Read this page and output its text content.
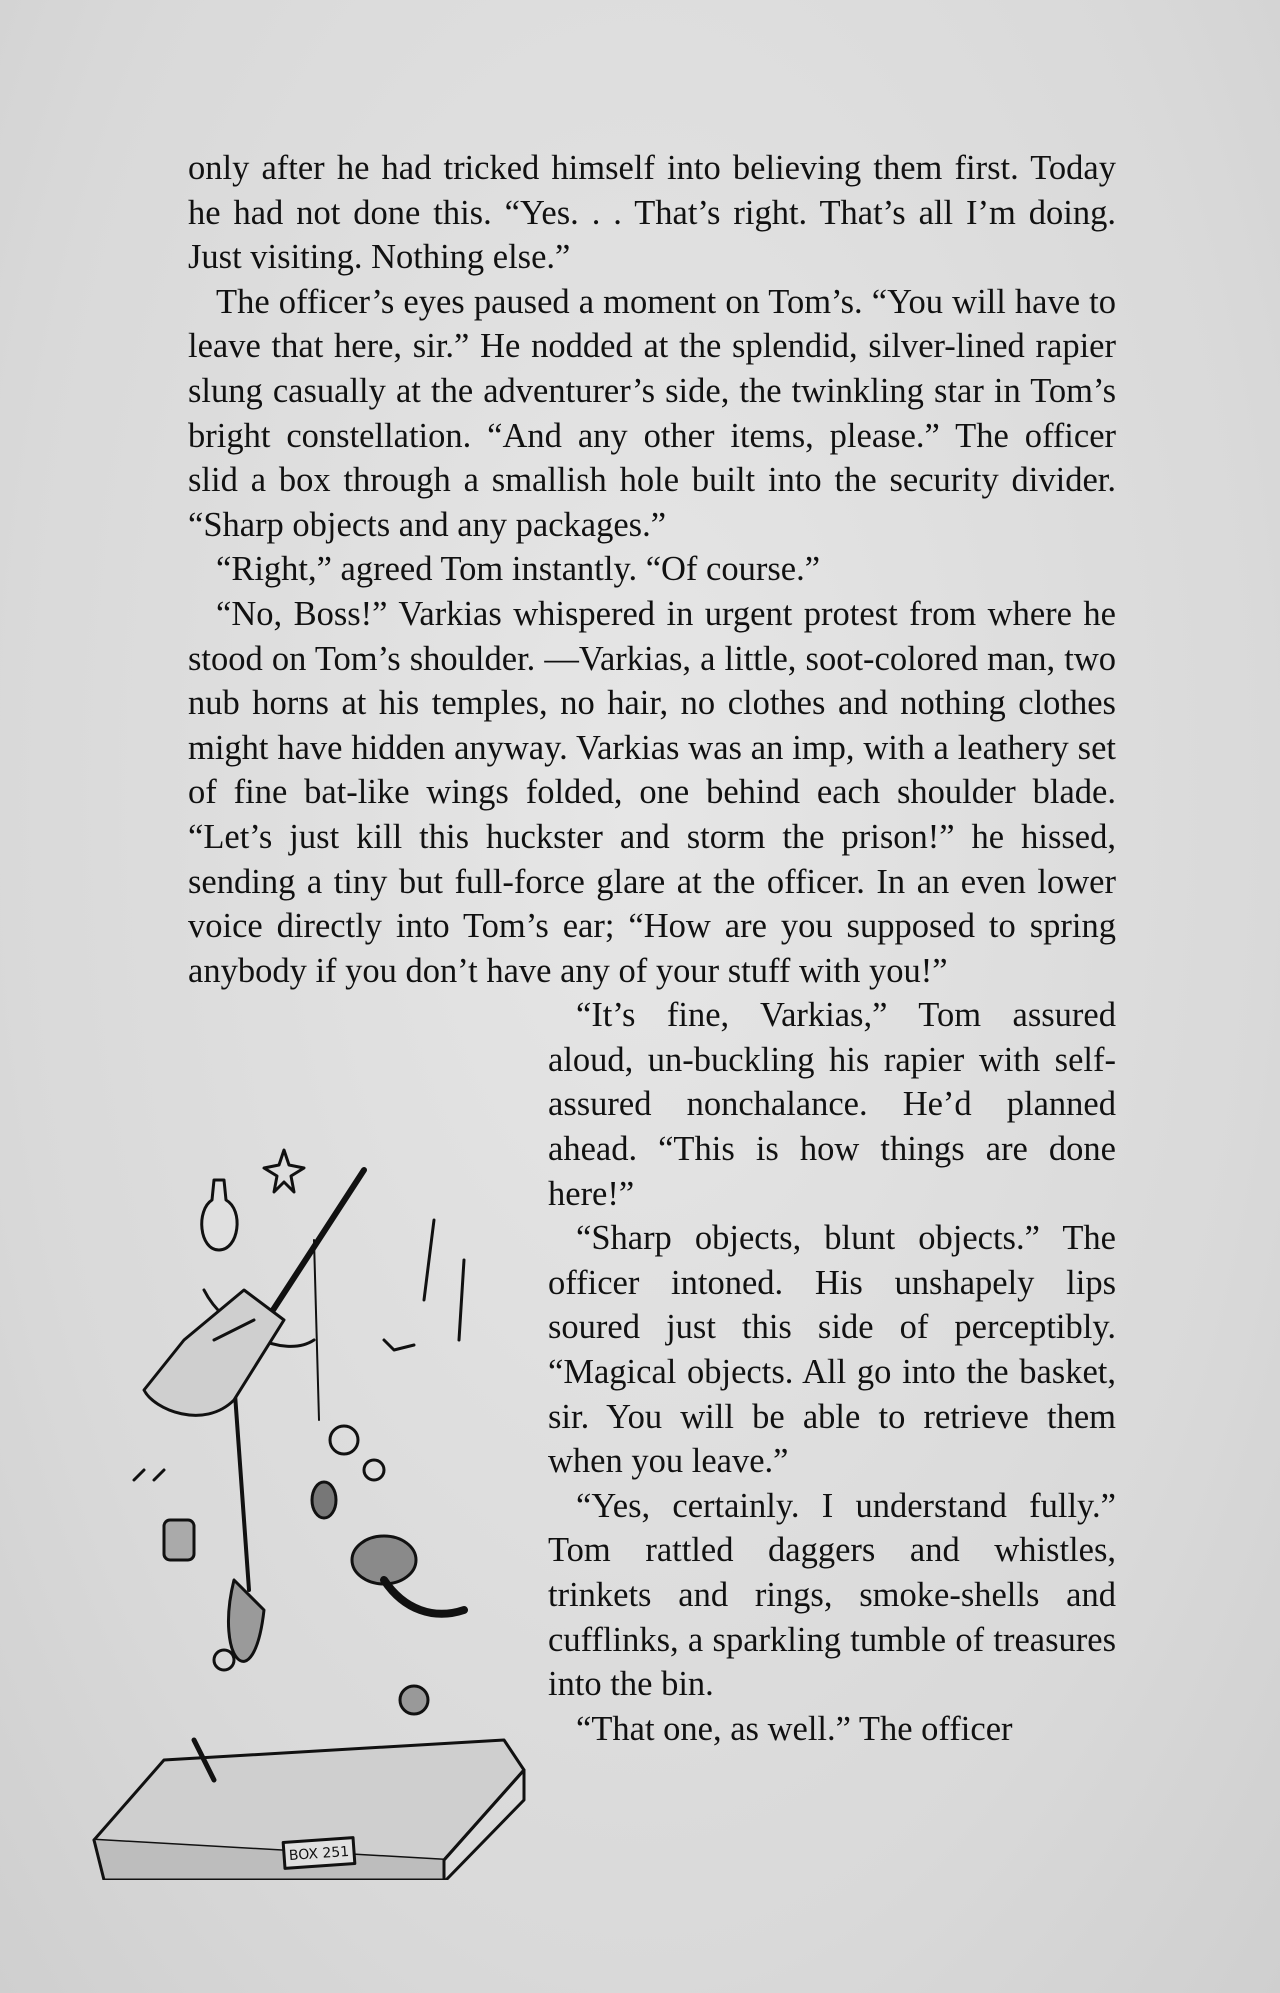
only after he had tricked himself into believing them first. Today he had not done this. “Yes. . . That’s right. That’s all I’m doing. Just visiting. Nothing else.”

The officer’s eyes paused a moment on Tom’s. “You will have to leave that here, sir.” He nodded at the splendid, silver-lined rapier slung casually at the adventurer’s side, the twinkling star in Tom’s bright constellation. “And any other items, please.” The officer slid a box through a smallish hole built into the security divider. “Sharp objects and any packages.”

“Right,” agreed Tom instantly. “Of course.”

“No, Boss!” Varkias whispered in urgent protest from where he stood on Tom’s shoulder. —Varkias, a little, soot-colored man, two nub horns at his temples, no hair, no clothes and nothing clothes might have hidden anyway. Varkias was an imp, with a leathery set of fine bat-like wings folded, one behind each shoulder blade. “Let’s just kill this huckster and storm the prison!” he hissed, sending a tiny but full-force glare at the officer. In an even lower voice directly into Tom’s ear; “How are you supposed to spring anybody if you don’t have any of your stuff with you!”

“It’s fine, Varkias,” Tom assured aloud, un-buckling his rapier with self-assured nonchalance. He’d planned ahead. “This is how things are done here!”

“Sharp objects, blunt objects.” The officer intoned. His unshapely lips soured just this side of perceptibly. “Magical objects. All go into the basket, sir. You will be able to retrieve them when you leave.”

“Yes, certainly. I understand fully.” Tom rattled daggers and whistles, trinkets and rings, smoke-shells and cufflinks, a sparkling tumble of treasures into the bin.

“That one, as well.” The officer

BOX 251
